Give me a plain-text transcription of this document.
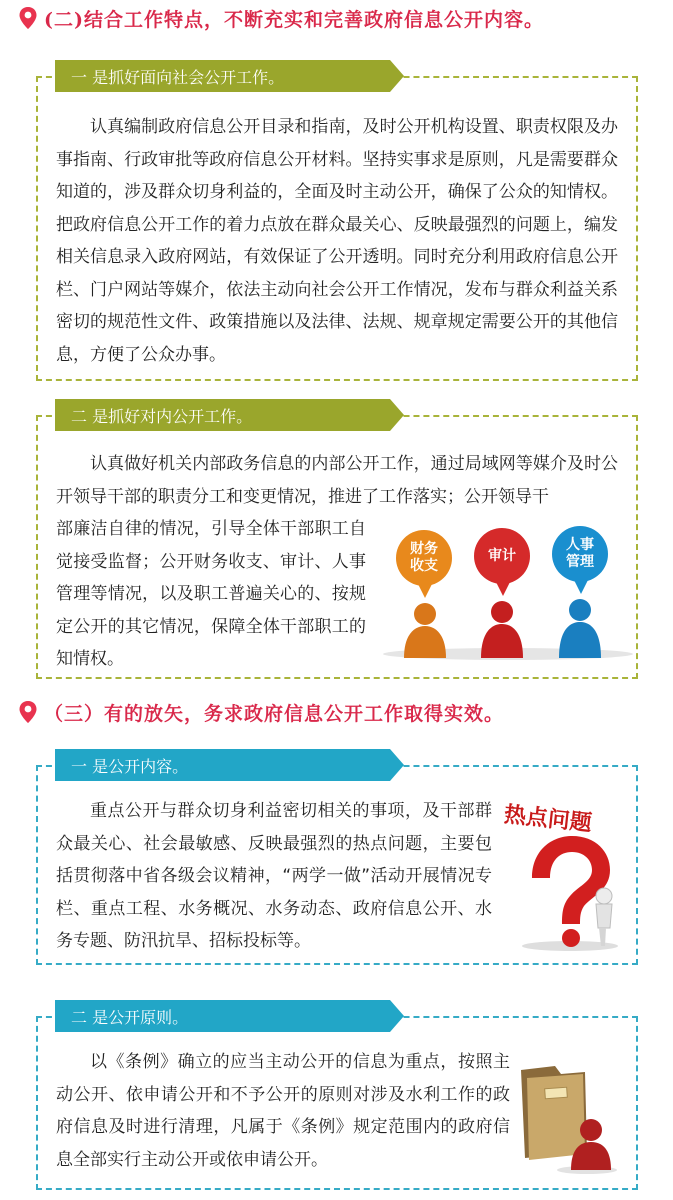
(二)结合工作特点，不断充实和完善政府信息公开内容。
一 是抓好面向社会公开工作。
认真编制政府信息公开目录和指南，及时公开机构设置、职责权限及办事指南、行政审批等政府信息公开材料。坚持实事求是原则，凡是需要群众知道的，涉及群众切身利益的，全面及时主动公开，确保了公众的知情权。把政府信息公开工作的着力点放在群众最关心、反映最强烈的问题上，编发相关信息录入政府网站，有效保证了公开透明。同时充分利用政府信息公开栏、门户网站等媒介，依法主动向社会公开工作情况，发布与群众利益关系密切的规范性文件、政策措施以及法律、法规、规章规定需要公开的其他信息，方便了公众办事。
二 是抓好对内公开工作。
认真做好机关内部政务信息的内部公开工作，通过局域网等媒介及时公开领导干部的职责分工和变更情况，推进了工作落实；公开领导干
部廉洁自律的情况，引导全体干部职工自觉接受监督；公开财务收支、审计、人事管理等情况，以及职工普遍关心的、按规定公开的其它情况，保障全体干部职工的知情权。
财务
收支
审计
人事
管理
（三）有的放矢，务求政府信息公开工作取得实效。
一 是公开内容。
重点公开与群众切身利益密切相关的事项，及干部群众最关心、社会最敏感、反映最强烈的热点问题，主要包括贯彻落中省各级会议精神，“两学一做”活动开展情况专栏、重点工程、水务概况、水务动态、政府信息公开、水务专题、防汛抗旱、招标投标等。
热点问题
二 是公开原则。
以《条例》确立的应当主动公开的信息为重点，按照主动公开、依申请公开和不予公开的原则对涉及水利工作的政府信息及时进行清理，凡属于《条例》规定范围内的政府信息全部实行主动公开或依申请公开。
